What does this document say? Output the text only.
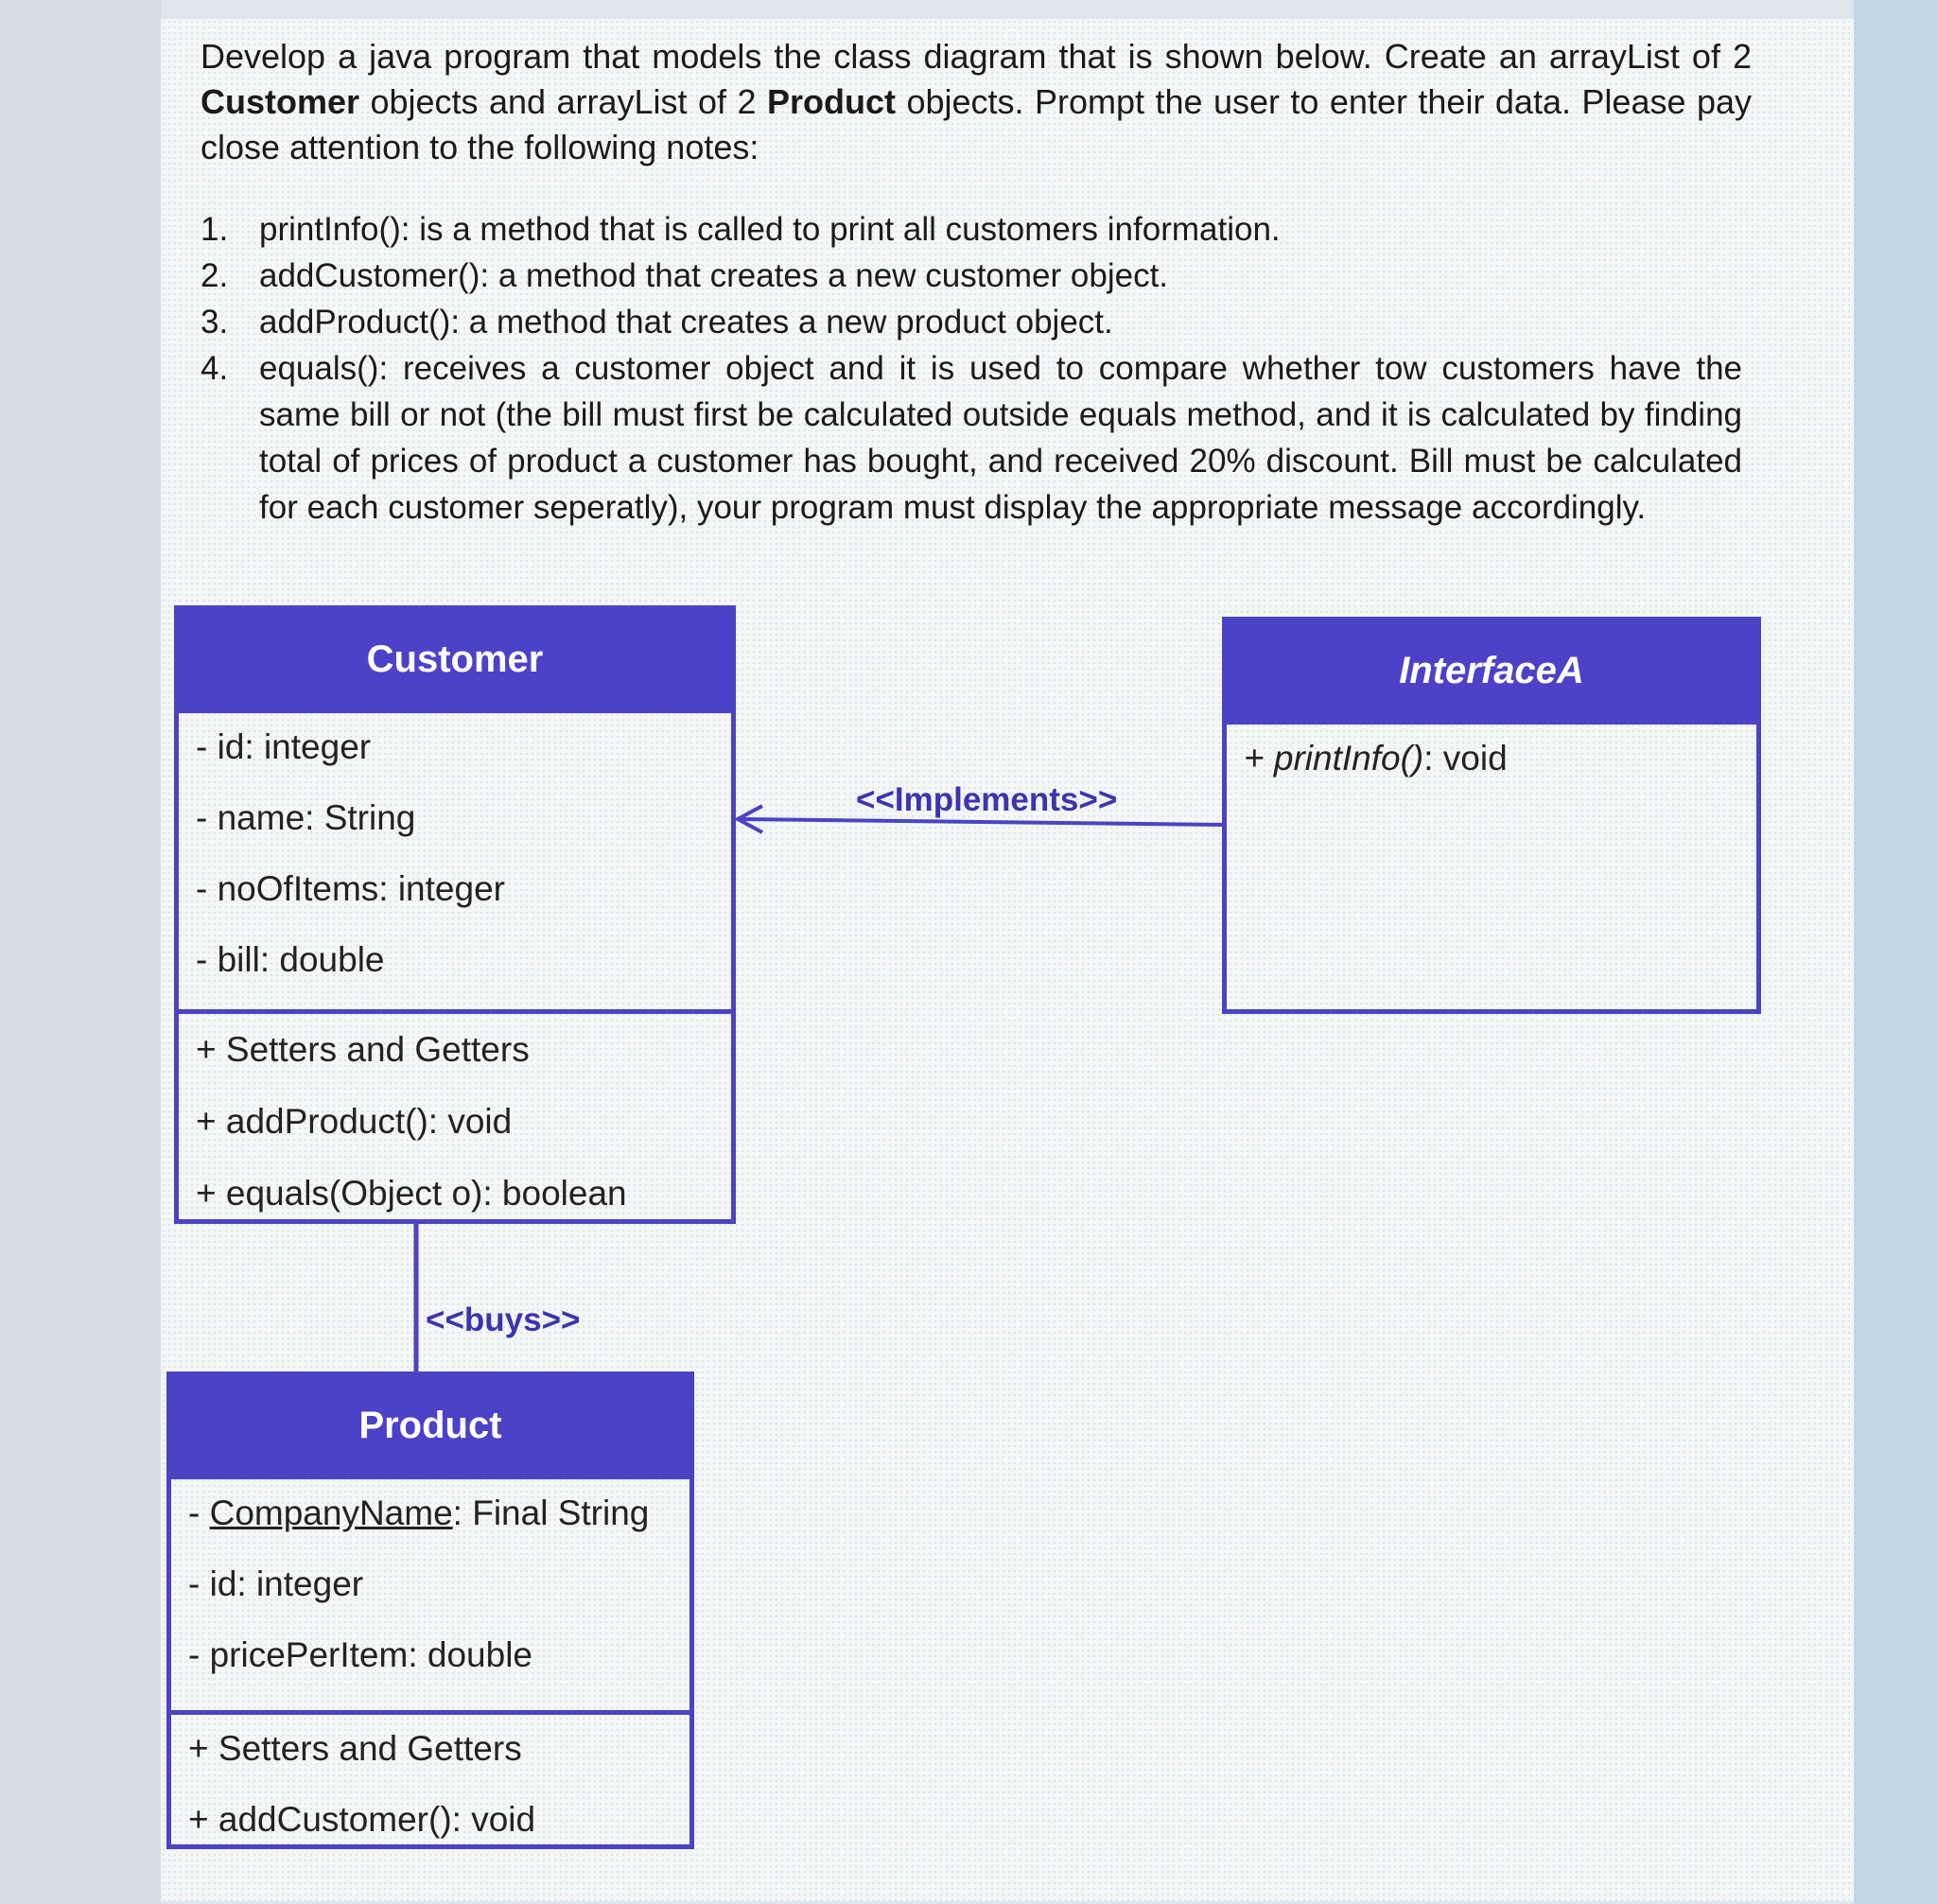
Develop a java program that models the class diagram that is shown below. Create an arrayList of 2 Customer objects and arrayList of 2 Product objects. Prompt the user to enter their data. Please pay close attention to the following notes:
1. printInfo(): is a method that is called to print all customers information.
2. addCustomer(): a method that creates a new customer object.
3. addProduct(): a method that creates a new product object.
4. equals(): receives a customer object and it is used to compare whether tow customers have the same bill or not (the bill must first be calculated outside equals method, and it is calculated by finding total of prices of product a customer has bought, and received 20% discount. Bill must be calculated for each customer seperatly), your program must display the appropriate message accordingly.
Customer
- id: integer
- name: String
- noOfItems: integer
- bill: double
+ Setters and Getters
+ addProduct(): void
+ equals(Object o): boolean
InterfaceA
+ printInfo(): void
Product
- CompanyName: Final String
- id: integer
- pricePerItem: double
+ Setters and Getters
+ addCustomer(): void
<<Implements>>
<<buys>>
